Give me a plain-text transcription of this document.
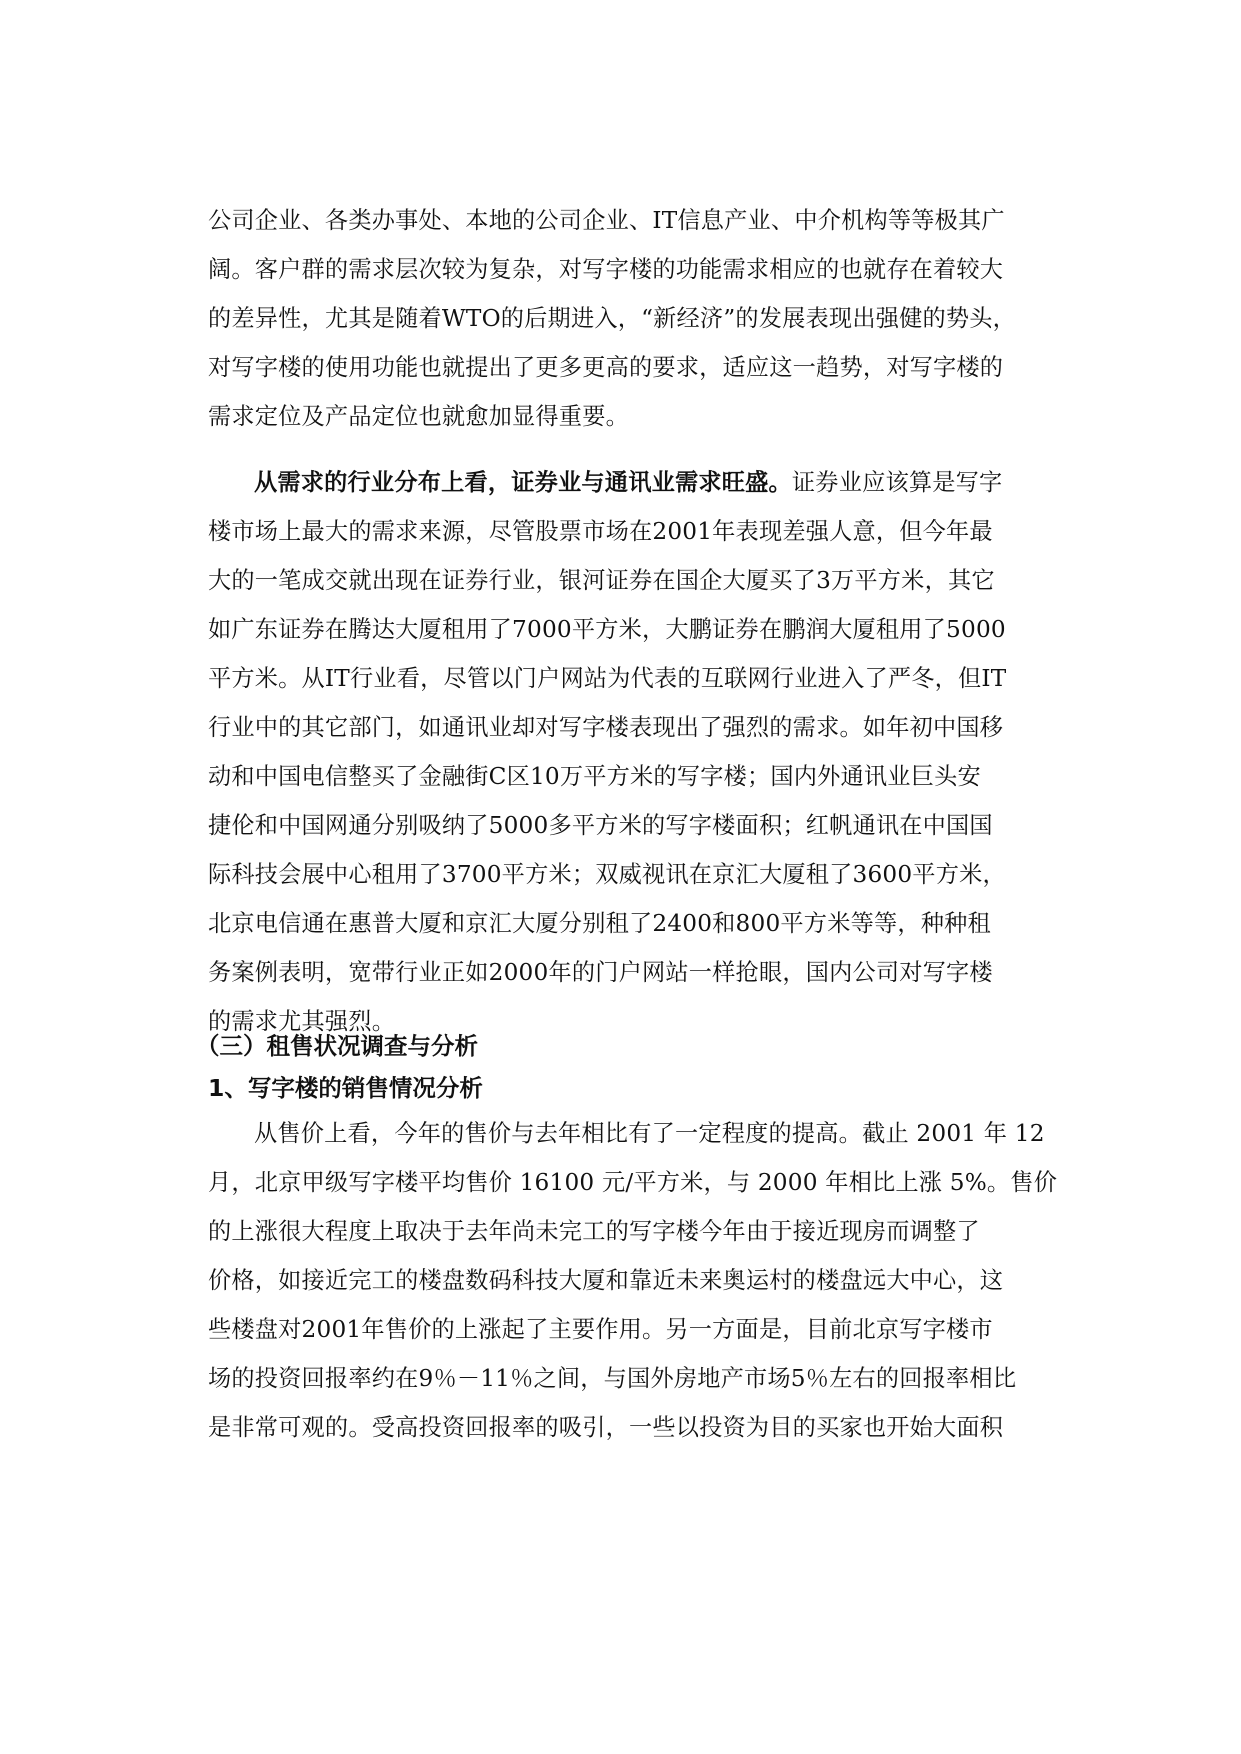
公司企业、各类办事处、本地的公司企业、IT信息产业、中介机构等等极其广
阔。客户群的需求层次较为复杂，对写字楼的功能需求相应的也就存在着较大
的差异性，尤其是随着WTO的后期进入，“新经济”的发展表现出强健的势头，
对写字楼的使用功能也就提出了更多更高的要求，适应这一趋势，对写字楼的
需求定位及产品定位也就愈加显得重要。
从需求的行业分布上看，证券业与通讯业需求旺盛。证券业应该算是写字
楼市场上最大的需求来源，尽管股票市场在2001年表现差强人意，但今年最
大的一笔成交就出现在证券行业，银河证券在国企大厦买了3万平方米，其它
如广东证券在腾达大厦租用了7000平方米，大鹏证券在鹏润大厦租用了5000
平方米。从IT行业看，尽管以门户网站为代表的互联网行业进入了严冬，但IT
行业中的其它部门，如通讯业却对写字楼表现出了强烈的需求。如年初中国移
动和中国电信整买了金融街C区10万平方米的写字楼；国内外通讯业巨头安
捷伦和中国网通分别吸纳了5000多平方米的写字楼面积；红帆通讯在中国国
际科技会展中心租用了3700平方米；双威视讯在京汇大厦租了3600平方米，
北京电信通在惠普大厦和京汇大厦分别租了2400和800平方米等等，种种租
务案例表明，宽带行业正如2000年的门户网站一样抢眼，国内公司对写字楼
的需求尤其强烈。
（三）租售状况调查与分析
1、写字楼的销售情况分析
从售价上看，今年的售价与去年相比有了一定程度的提高。截止 2001 年 12
月，北京甲级写字楼平均售价 16100 元/平方米，与 2000 年相比上涨 5%。售价
的上涨很大程度上取决于去年尚未完工的写字楼今年由于接近现房而调整了
价格，如接近完工的楼盘数码科技大厦和靠近未来奥运村的楼盘远大中心，这
些楼盘对2001年售价的上涨起了主要作用。另一方面是，目前北京写字楼市
场的投资回报率约在9％－11％之间，与国外房地产市场5％左右的回报率相比
是非常可观的。受高投资回报率的吸引，一些以投资为目的买家也开始大面积
